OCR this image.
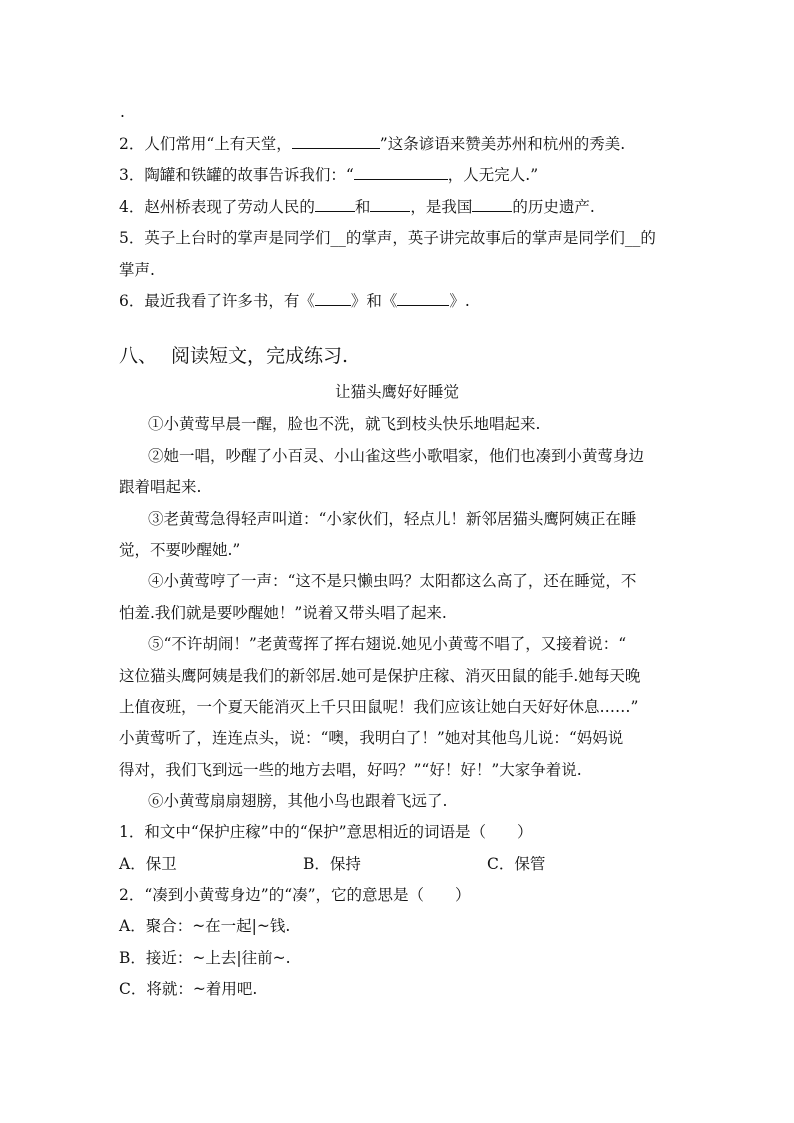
.
2．人们常用“上有天堂，	”这条谚语来赞美苏州和杭州的秀美.
3．陶罐和铁罐的故事告诉我们：“	，人无完人.”
4．赵州桥表现了劳动人民的	和	，是我国	的历史遗产.
5．英子上台时的掌声是同学们__的掌声，英子讲完故事后的掌声是同学们__的
掌声.
6．最近我看了许多书，有《 》和《	》.
八、 阅读短文，完成练习.
让猫头鹰好好睡觉
①小黄莺早晨一醒，脸也不洗，就飞到枝头快乐地唱起来.
②她一唱，吵醒了小百灵、小山雀这些小歌唱家，他们也凑到小黄莺身边
跟着唱起来.
③老黄莺急得轻声叫道：“小家伙们，轻点儿！新邻居猫头鹰阿姨正在睡
觉，不要吵醒她.”
④小黄莺哼了一声：“这不是只懒虫吗？太阳都这么高了，还在睡觉，不
怕羞.我们就是要吵醒她！”说着又带头唱了起来.
⑤“不许胡闹！”老黄莺挥了挥右翅说.她见小黄莺不唱了，又接着说：“
这位猫头鹰阿姨是我们的新邻居.她可是保护庄稼、消灭田鼠的能手.她每天晚
上值夜班，一个夏天能消灭上千只田鼠呢！我们应该让她白天好好休息……”
小黄莺听了，连连点头，说：“噢，我明白了！”她对其他鸟儿说：“妈妈说
得对，我们飞到远一些的地方去唱，好吗？”“好！好！”大家争着说.
⑥小黄莺扇扇翅膀，其他小鸟也跟着飞远了.
1．和文中“保护庄稼”中的“保护”意思相近的词语是（　　）
A．保卫	B．保持	C．保管
2．“凑到小黄莺身边”的“凑”，它的意思是（　　）
A．聚合：~在一起|~钱.
B．接近：~上去|往前~.
C．将就：~着用吧.
